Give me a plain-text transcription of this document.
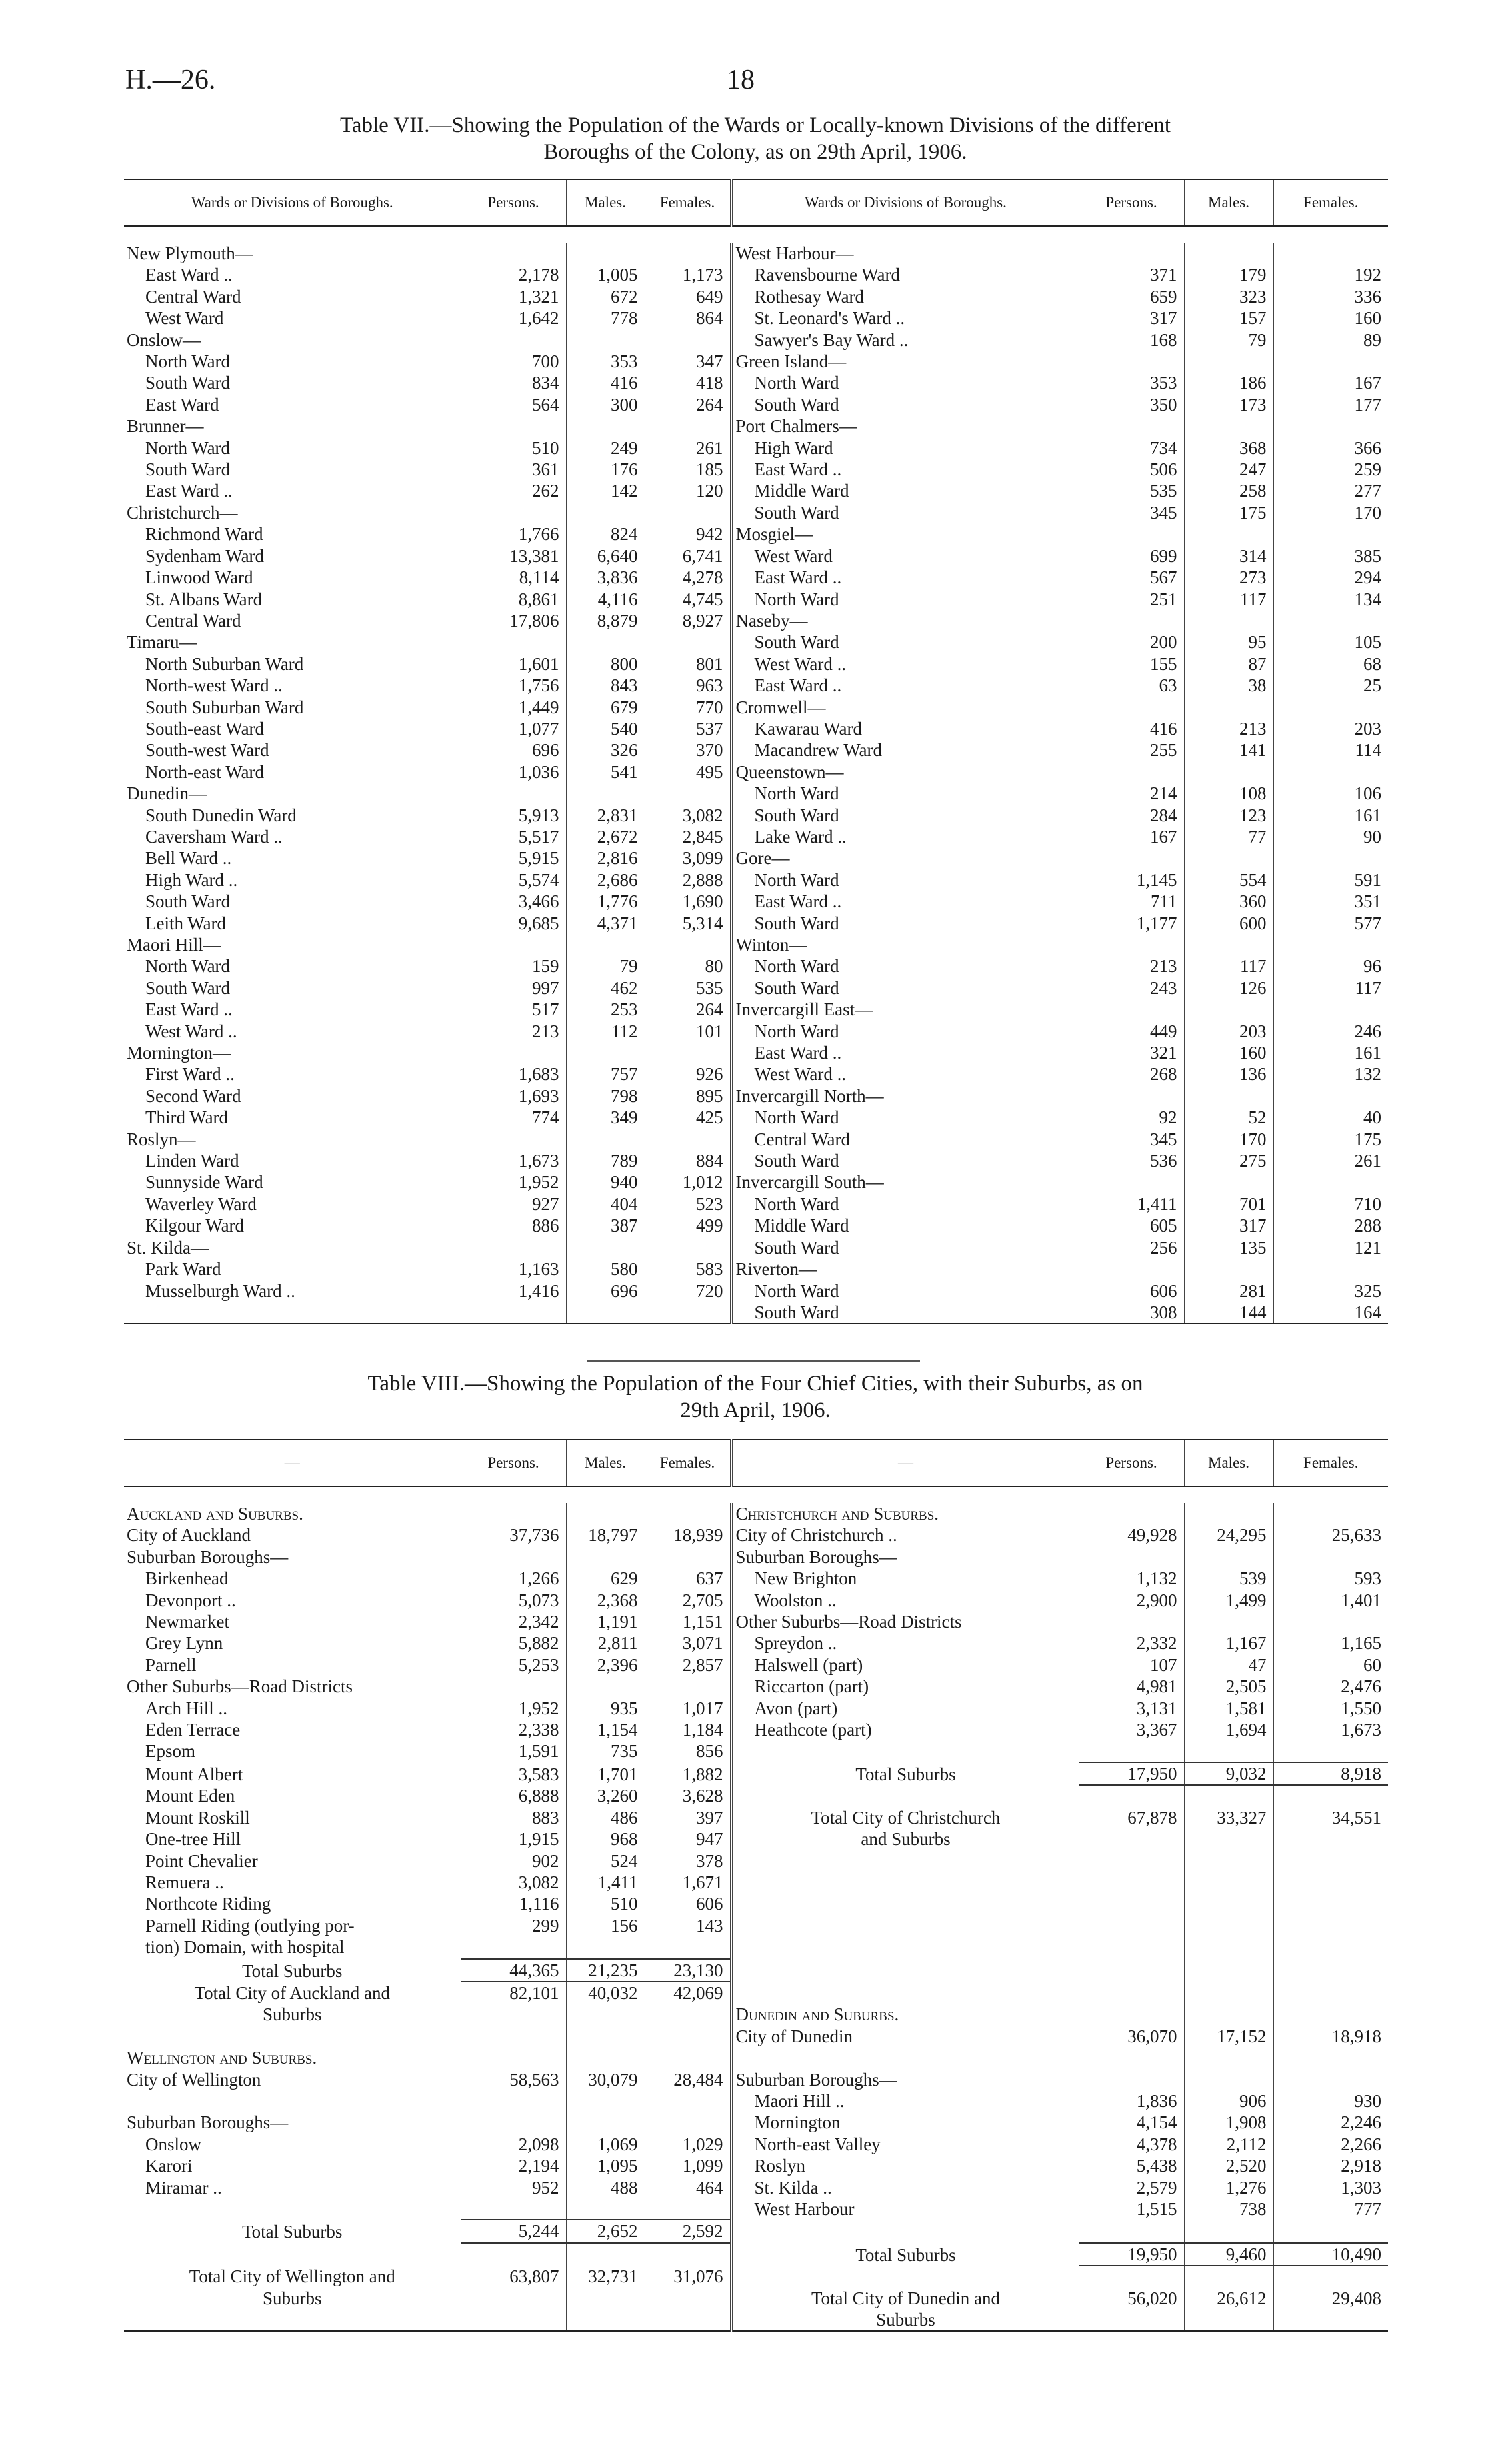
H.—26.	18
Table VII.—Showing the Population of the Wards or Locally-known Divisions of the different
Boroughs of the Colony, as on 29th April, 1906.
Wards or Divisions of Boroughs.	Persons.	Males.	Females.	Wards or Divisions of Boroughs.	Persons.	Males.	Females.

New Plymouth—				West Harbour—			
East Ward ..	2,178	1,005	1,173	Ravensbourne Ward	371	179	192
Central Ward	1,321	672	649	Rothesay Ward	659	323	336
West Ward	1,642	778	864	St. Leonard's Ward ..	317	157	160
Onslow—				Sawyer's Bay Ward ..	168	79	89
North Ward	700	353	347	Green Island—			
South Ward	834	416	418	North Ward	353	186	167
East Ward	564	300	264	South Ward	350	173	177
Brunner—				Port Chalmers—			
North Ward	510	249	261	High Ward	734	368	366
South Ward	361	176	185	East Ward ..	506	247	259
East Ward ..	262	142	120	Middle Ward	535	258	277
Christchurch—				South Ward	345	175	170
Richmond Ward	1,766	824	942	Mosgiel—			
Sydenham Ward	13,381	6,640	6,741	West Ward	699	314	385
Linwood Ward	8,114	3,836	4,278	East Ward ..	567	273	294
St. Albans Ward	8,861	4,116	4,745	North Ward	251	117	134
Central Ward	17,806	8,879	8,927	Naseby—			
Timaru—				South Ward	200	95	105
North Suburban Ward	1,601	800	801	West Ward ..	155	87	68
North-west Ward ..	1,756	843	963	East Ward ..	63	38	25
South Suburban Ward	1,449	679	770	Cromwell—			
South-east Ward	1,077	540	537	Kawarau Ward	416	213	203
South-west Ward	696	326	370	Macandrew Ward	255	141	114
North-east Ward	1,036	541	495	Queenstown—			
Dunedin—				North Ward	214	108	106
South Dunedin Ward	5,913	2,831	3,082	South Ward	284	123	161
Caversham Ward ..	5,517	2,672	2,845	Lake Ward ..	167	77	90
Bell Ward ..	5,915	2,816	3,099	Gore—			
High Ward ..	5,574	2,686	2,888	North Ward	1,145	554	591
South Ward	3,466	1,776	1,690	East Ward ..	711	360	351
Leith Ward	9,685	4,371	5,314	South Ward	1,177	600	577
Maori Hill—				Winton—			
North Ward	159	79	80	North Ward	213	117	96
South Ward	997	462	535	South Ward	243	126	117
East Ward ..	517	253	264	Invercargill East—			
West Ward ..	213	112	101	North Ward	449	203	246
Mornington—				East Ward ..	321	160	161
First Ward ..	1,683	757	926	West Ward ..	268	136	132
Second Ward	1,693	798	895	Invercargill North—			
Third Ward	774	349	425	North Ward	92	52	40
Roslyn—				Central Ward	345	170	175
Linden Ward	1,673	789	884	South Ward	536	275	261
Sunnyside Ward	1,952	940	1,012	Invercargill South—			
Waverley Ward	927	404	523	North Ward	1,411	701	710
Kilgour Ward	886	387	499	Middle Ward	605	317	288
St. Kilda—				South Ward	256	135	121
Park Ward	1,163	580	583	Riverton—			
Musselburgh Ward ..	1,416	696	720	North Ward	606	281	325
				South Ward	308	144	164
Table VIII.—Showing the Population of the Four Chief Cities, with their Suburbs, as on
29th April, 1906.
—	Persons.	Males.	Females.	—	Persons.	Males.	Females.

Auckland and Suburbs.				Christchurch and Suburbs.			
City of Auckland	37,736	18,797	18,939	City of Christchurch ..	49,928	24,295	25,633

Suburban Boroughs—				Suburban Boroughs—			
Birkenhead	1,266	629	637	New Brighton	1,132	539	593
Devonport ..	5,073	2,368	2,705	Woolston ..	2,900	1,499	1,401
Newmarket	2,342	1,191	1,151	Other Suburbs—Road Districts			
Grey Lynn	5,882	2,811	3,071	Spreydon ..	2,332	1,167	1,165
Parnell	5,253	2,396	2,857	Halswell (part)	107	47	60
Other Suburbs—Road Districts				Riccarton (part)	4,981	2,505	2,476
Arch Hill ..	1,952	935	1,017	Avon (part)	3,131	1,581	1,550
Eden Terrace	2,338	1,154	1,184	Heathcote (part)	3,367	1,694	1,673
Epsom	1,591	735	856				
Mount Albert	3,583	1,701	1,882	Total Suburbs	17,950	9,032	8,918
Mount Eden	6,888	3,260	3,628				
Mount Roskill	883	486	397	Total City of Christchurch	67,878	33,327	34,551
One-tree Hill	1,915	968	947	and Suburbs			
Point Chevalier	902	524	378				
Remuera ..	3,082	1,411	1,671				
Northcote Riding	1,116	510	606				
Parnell Riding (outlying por-	299	156	143				
tion) Domain, with hospital							

Total Suburbs	44,365	21,235	23,130				

Total City of Auckland and	82,101	40,032	42,069				
Suburbs				Dunedin and Suburbs.			
				City of Dunedin	36,070	17,152	18,918
Wellington and Suburbs.							
City of Wellington	58,563	30,079	28,484	Suburban Boroughs—			
				Maori Hill ..	1,836	906	930
Suburban Boroughs—				Mornington	4,154	1,908	2,246
Onslow	2,098	1,069	1,029	North-east Valley	4,378	2,112	2,266
Karori	2,194	1,095	1,099	Roslyn	5,438	2,520	2,918
Miramar ..	952	488	464	St. Kilda ..	2,579	1,276	1,303
				West Harbour	1,515	738	777
Total Suburbs	5,244	2,652	2,592				
				Total Suburbs	19,950	9,460	10,490
Total City of Wellington and	63,807	32,731	31,076				
Suburbs				Total City of Dunedin and	56,020	26,612	29,408
				Suburbs			
